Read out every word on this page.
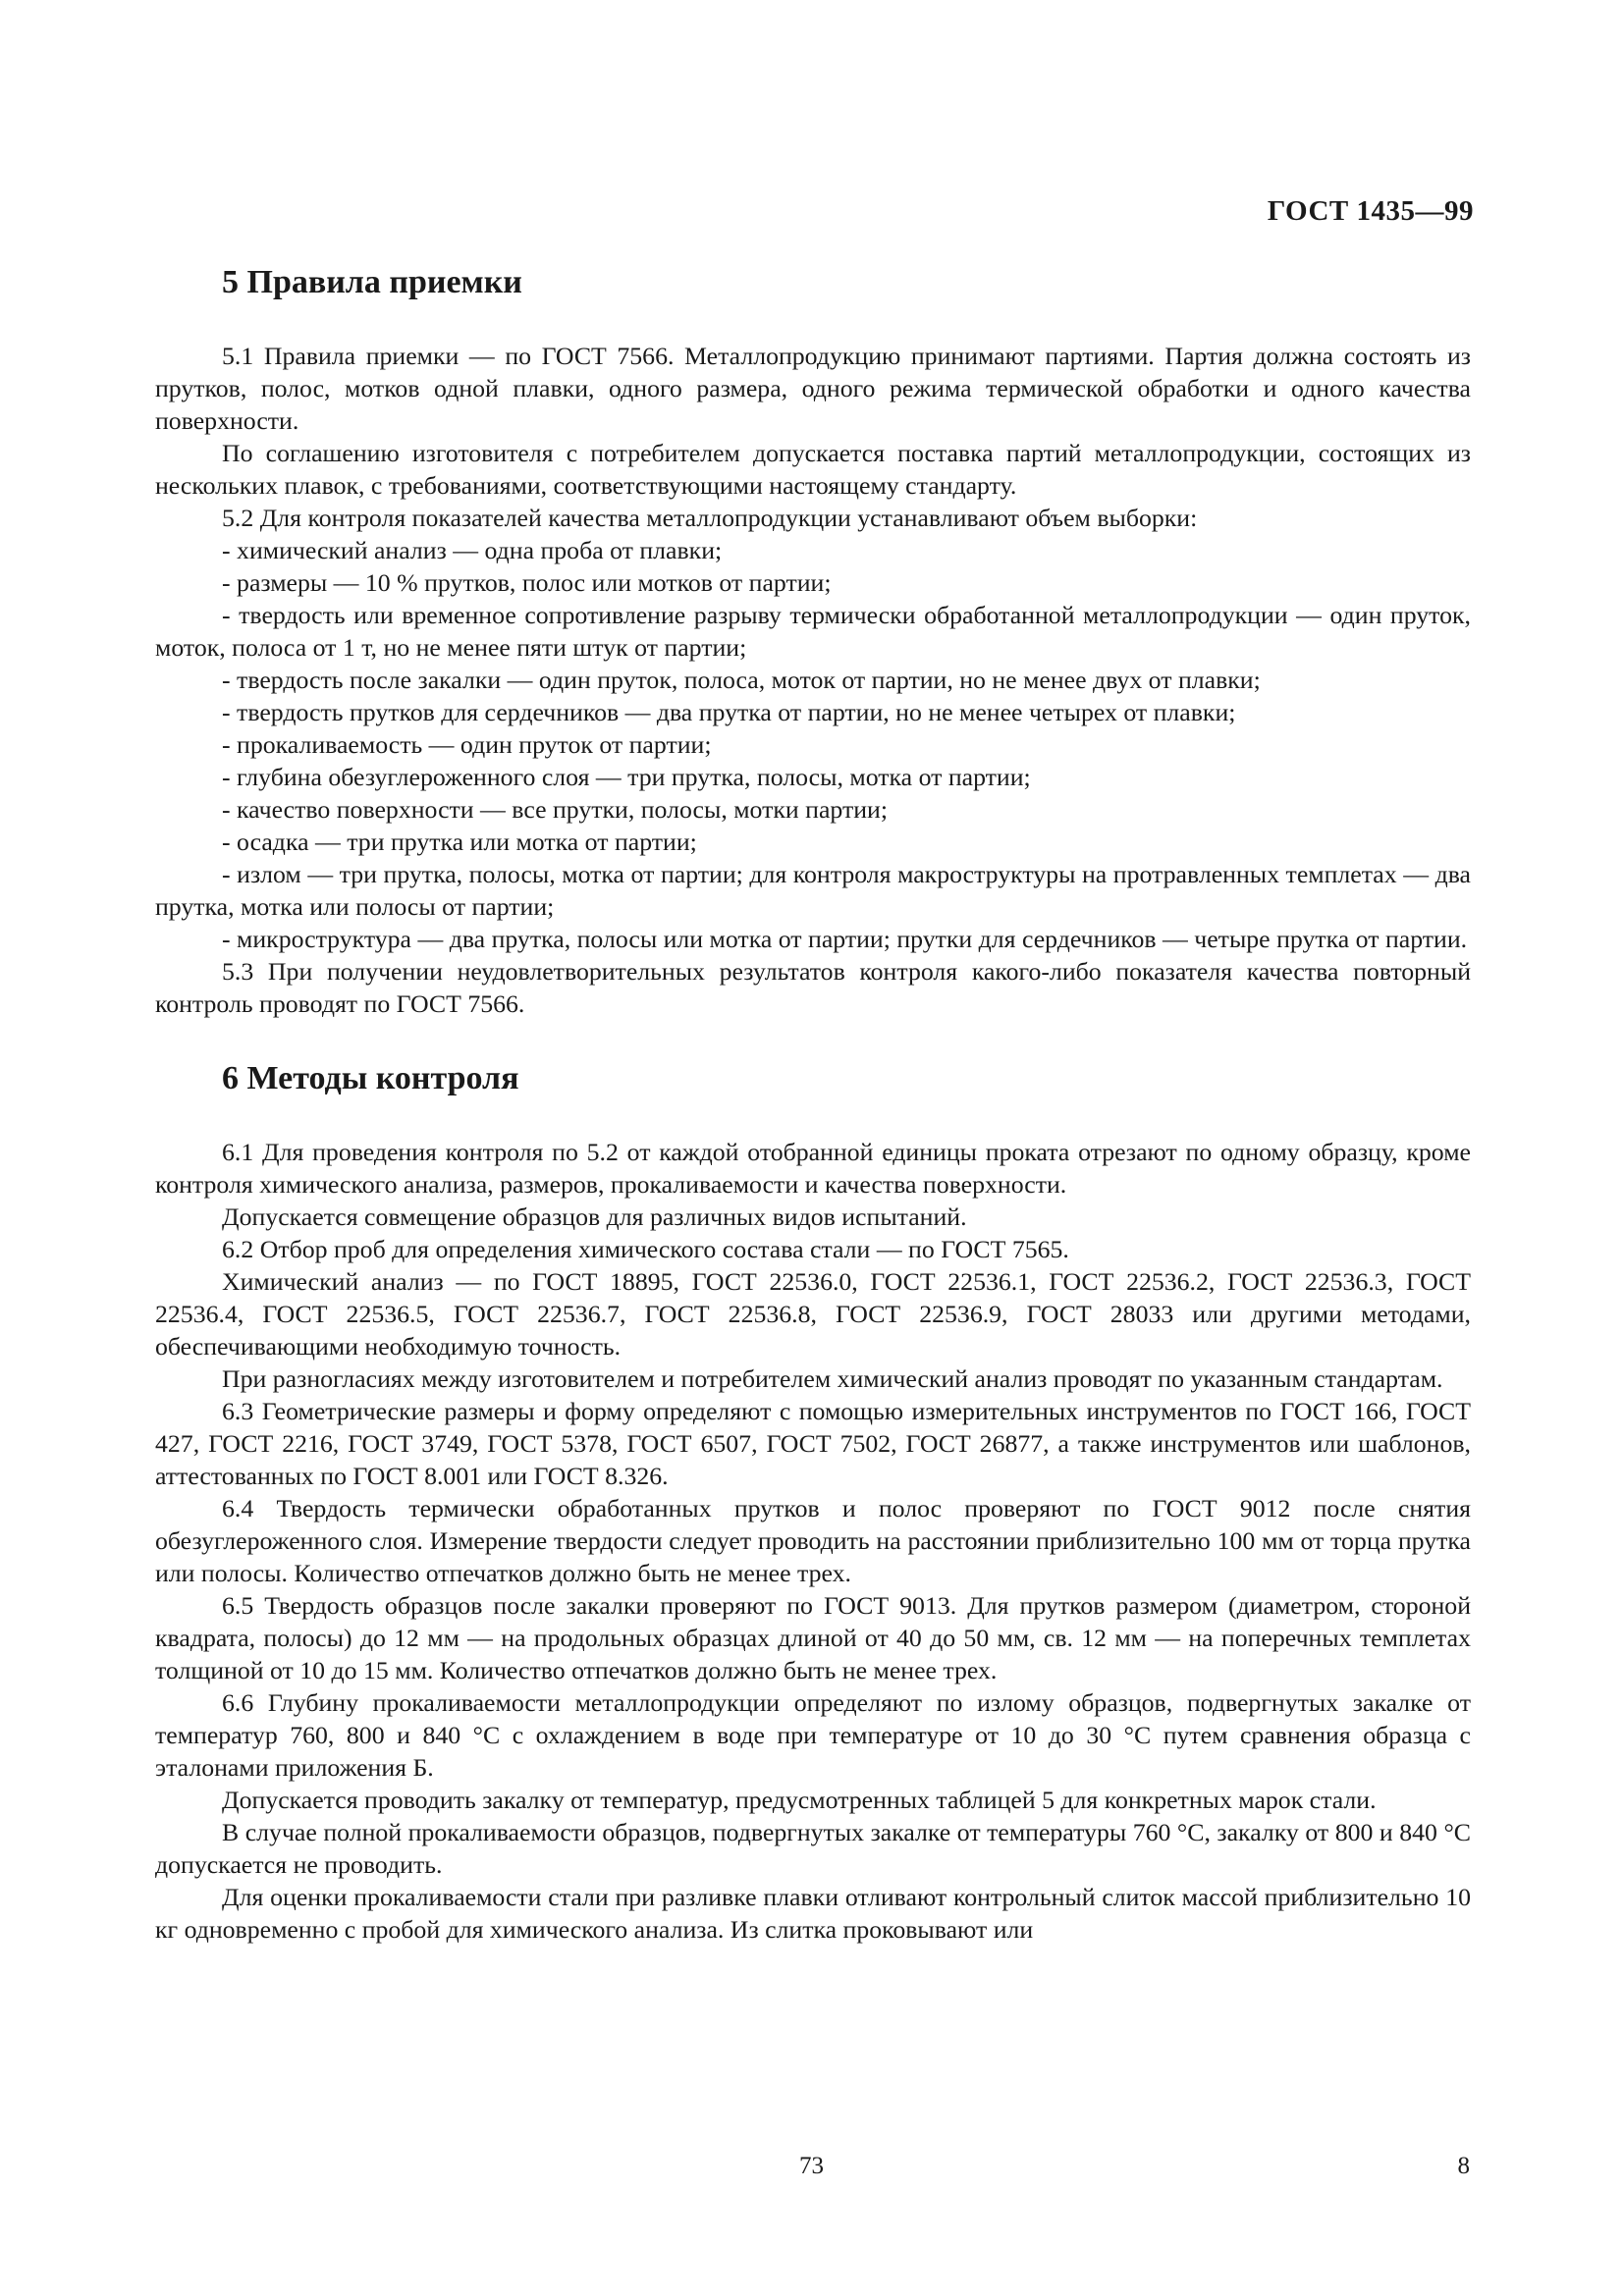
ГОСТ 1435—99
5 Правила приемки

5.1 Правила приемки — по ГОСТ 7566. Металлопродукцию принимают партиями. Партия должна состоять из прутков, полос, мотков одной плавки, одного размера, одного режима термической обработки и одного качества поверхности.

По соглашению изготовителя с потребителем допускается поставка партий металлопродукции, состоящих из нескольких плавок, с требованиями, соответствующими настоящему стандарту.

5.2 Для контроля показателей качества металлопродукции устанавливают объем выборки:

- химический анализ — одна проба от плавки;

- размеры — 10 % прутков, полос или мотков от партии;

- твердость или временное сопротивление разрыву термически обработанной металлопродукции — один пруток, моток, полоса от 1 т, но не менее пяти штук от партии;

- твердость после закалки — один пруток, полоса, моток от партии, но не менее двух от плавки;

- твердость прутков для сердечников — два прутка от партии, но не менее четырех от плавки;

- прокаливаемость — один пруток от партии;

- глубина обезуглероженного слоя — три прутка, полосы, мотка от партии;

- качество поверхности — все прутки, полосы, мотки партии;

- осадка — три прутка или мотка от партии;

- излом — три прутка, полосы, мотка от партии; для контроля макроструктуры на протравленных темплетах — два прутка, мотка или полосы от партии;

- микроструктура — два прутка, полосы или мотка от партии; прутки для сердечников — четыре прутка от партии.

5.3 При получении неудовлетворительных результатов контроля какого-либо показателя качества повторный контроль проводят по ГОСТ 7566.

6 Методы контроля

6.1 Для проведения контроля по 5.2 от каждой отобранной единицы проката отрезают по одному образцу, кроме контроля химического анализа, размеров, прокаливаемости и качества поверхности.

Допускается совмещение образцов для различных видов испытаний.

6.2 Отбор проб для определения химического состава стали — по ГОСТ 7565.

Химический анализ — по ГОСТ 18895, ГОСТ 22536.0, ГОСТ 22536.1, ГОСТ 22536.2, ГОСТ 22536.3, ГОСТ 22536.4, ГОСТ 22536.5, ГОСТ 22536.7, ГОСТ 22536.8, ГОСТ 22536.9, ГОСТ 28033 или другими методами, обеспечивающими необходимую точность.

При разногласиях между изготовителем и потребителем химический анализ проводят по указанным стандартам.

6.3 Геометрические размеры и форму определяют с помощью измерительных инструментов по ГОСТ 166, ГОСТ 427, ГОСТ 2216, ГОСТ 3749, ГОСТ 5378, ГОСТ 6507, ГОСТ 7502, ГОСТ 26877, а также инструментов или шаблонов, аттестованных по ГОСТ 8.001 или ГОСТ 8.326.

6.4 Твердость термически обработанных прутков и полос проверяют по ГОСТ 9012 после снятия обезуглероженного слоя. Измерение твердости следует проводить на расстоянии приблизительно 100 мм от торца прутка или полосы. Количество отпечатков должно быть не менее трех.

6.5 Твердость образцов после закалки проверяют по ГОСТ 9013. Для прутков размером (диаметром, стороной квадрата, полосы) до 12 мм — на продольных образцах длиной от 40 до 50 мм, св. 12 мм — на поперечных темплетах толщиной от 10 до 15 мм. Количество отпечатков должно быть не менее трех.

6.6 Глубину прокаливаемости металлопродукции определяют по излому образцов, подвергнутых закалке от температур 760, 800 и 840 °С с охлаждением в воде при температуре от 10 до 30 °С путем сравнения образца с эталонами приложения Б.

Допускается проводить закалку от температур, предусмотренных таблицей 5 для конкретных марок стали.

В случае полной прокаливаемости образцов, подвергнутых закалке от температуры 760 °С, закалку от 800 и 840 °С допускается не проводить.

Для оценки прокаливаемости стали при разливке плавки отливают контрольный слиток массой приблизительно 10 кг одновременно с пробой для химического анализа. Из слитка проковывают или

73	8
